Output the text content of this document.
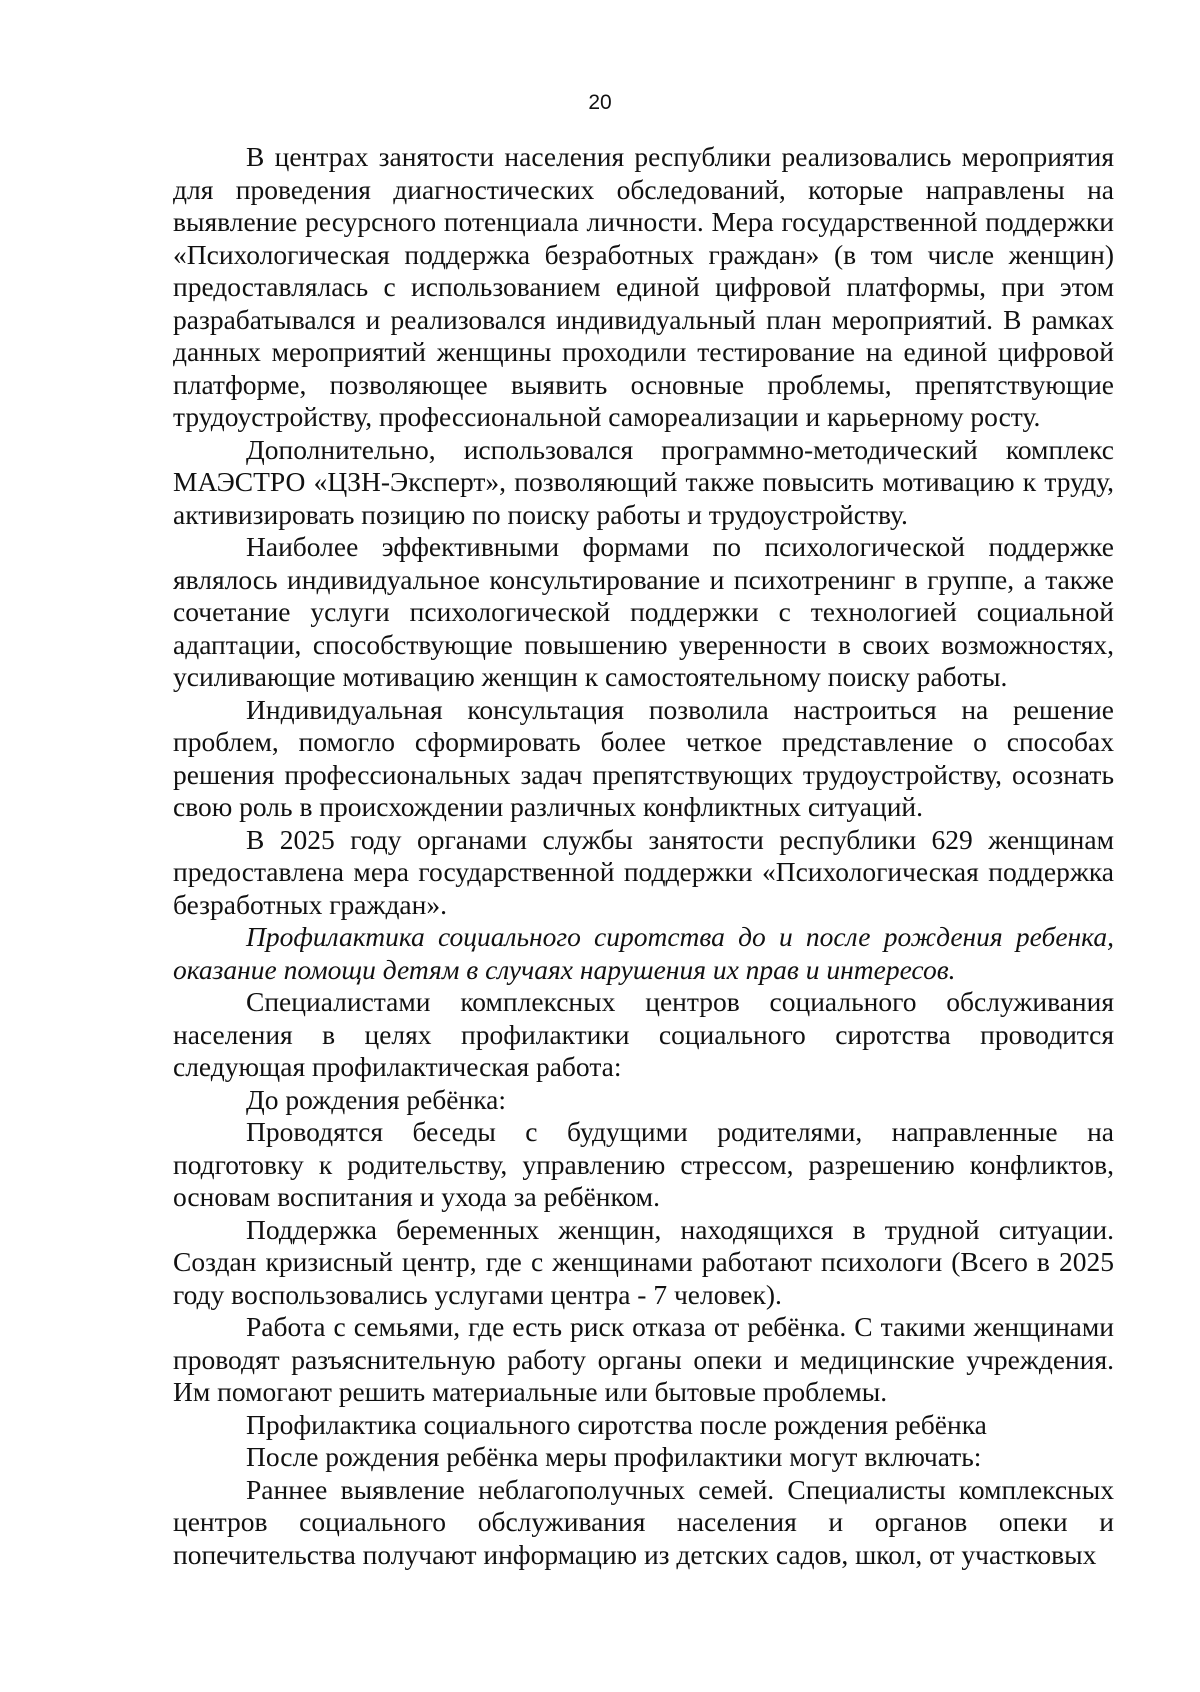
20

В центрах занятости населения республики реализовались мероприятия для проведения диагностических обследований, которые направлены на выявление ресурсного потенциала личности. Мера государственной поддержки «Психологическая поддержка безработных граждан» (в том числе женщин) предоставлялась с использованием единой цифровой платформы, при этом разрабатывался и реализовался индивидуальный план мероприятий. В рамках данных мероприятий женщины проходили тестирование на единой цифровой платформе, позволяющее выявить основные проблемы, препятствующие трудоустройству, профессиональной самореализации и карьерному росту.

Дополнительно, использовался программно-методический комплекс МАЭСТРО «ЦЗН-Эксперт», позволяющий также повысить мотивацию к труду, активизировать позицию по поиску работы и трудоустройству.

Наиболее эффективными формами по психологической поддержке являлось индивидуальное консультирование и психотренинг в группе, а также сочетание услуги психологической поддержки с технологией социальной адаптации, способствующие повышению уверенности в своих возможностях, усиливающие мотивацию женщин к самостоятельному поиску работы.

Индивидуальная консультация позволила настроиться на решение проблем, помогло сформировать более четкое представление о способах решения профессиональных задач препятствующих трудоустройству, осознать свою роль в происхождении различных конфликтных ситуаций.

В 2025 году органами службы занятости республики 629 женщинам предоставлена мера государственной поддержки «Психологическая поддержка безработных граждан».

Профилактика социального сиротства до и после рождения ребенка, оказание помощи детям в случаях нарушения их прав и интересов.

Специалистами комплексных центров социального обслуживания населения в целях профилактики социального сиротства проводится следующая профилактическая работа:

До рождения ребёнка:

Проводятся беседы с будущими родителями, направленные на подготовку к родительству, управлению стрессом, разрешению конфликтов, основам воспитания и ухода за ребёнком.

Поддержка беременных женщин, находящихся в трудной ситуации. Создан кризисный центр, где с женщинами работают психологи (Всего в 2025 году воспользовались услугами центра - 7 человек).

Работа с семьями, где есть риск отказа от ребёнка. С такими женщинами проводят разъяснительную работу органы опеки и медицинские учреждения. Им помогают решить материальные или бытовые проблемы.

Профилактика социального сиротства после рождения ребёнка

После рождения ребёнка меры профилактики могут включать:

Раннее выявление неблагополучных семей. Специалисты комплексных центров социального обслуживания населения и органов опеки и попечительства получают информацию из детских садов, школ, от участковых
